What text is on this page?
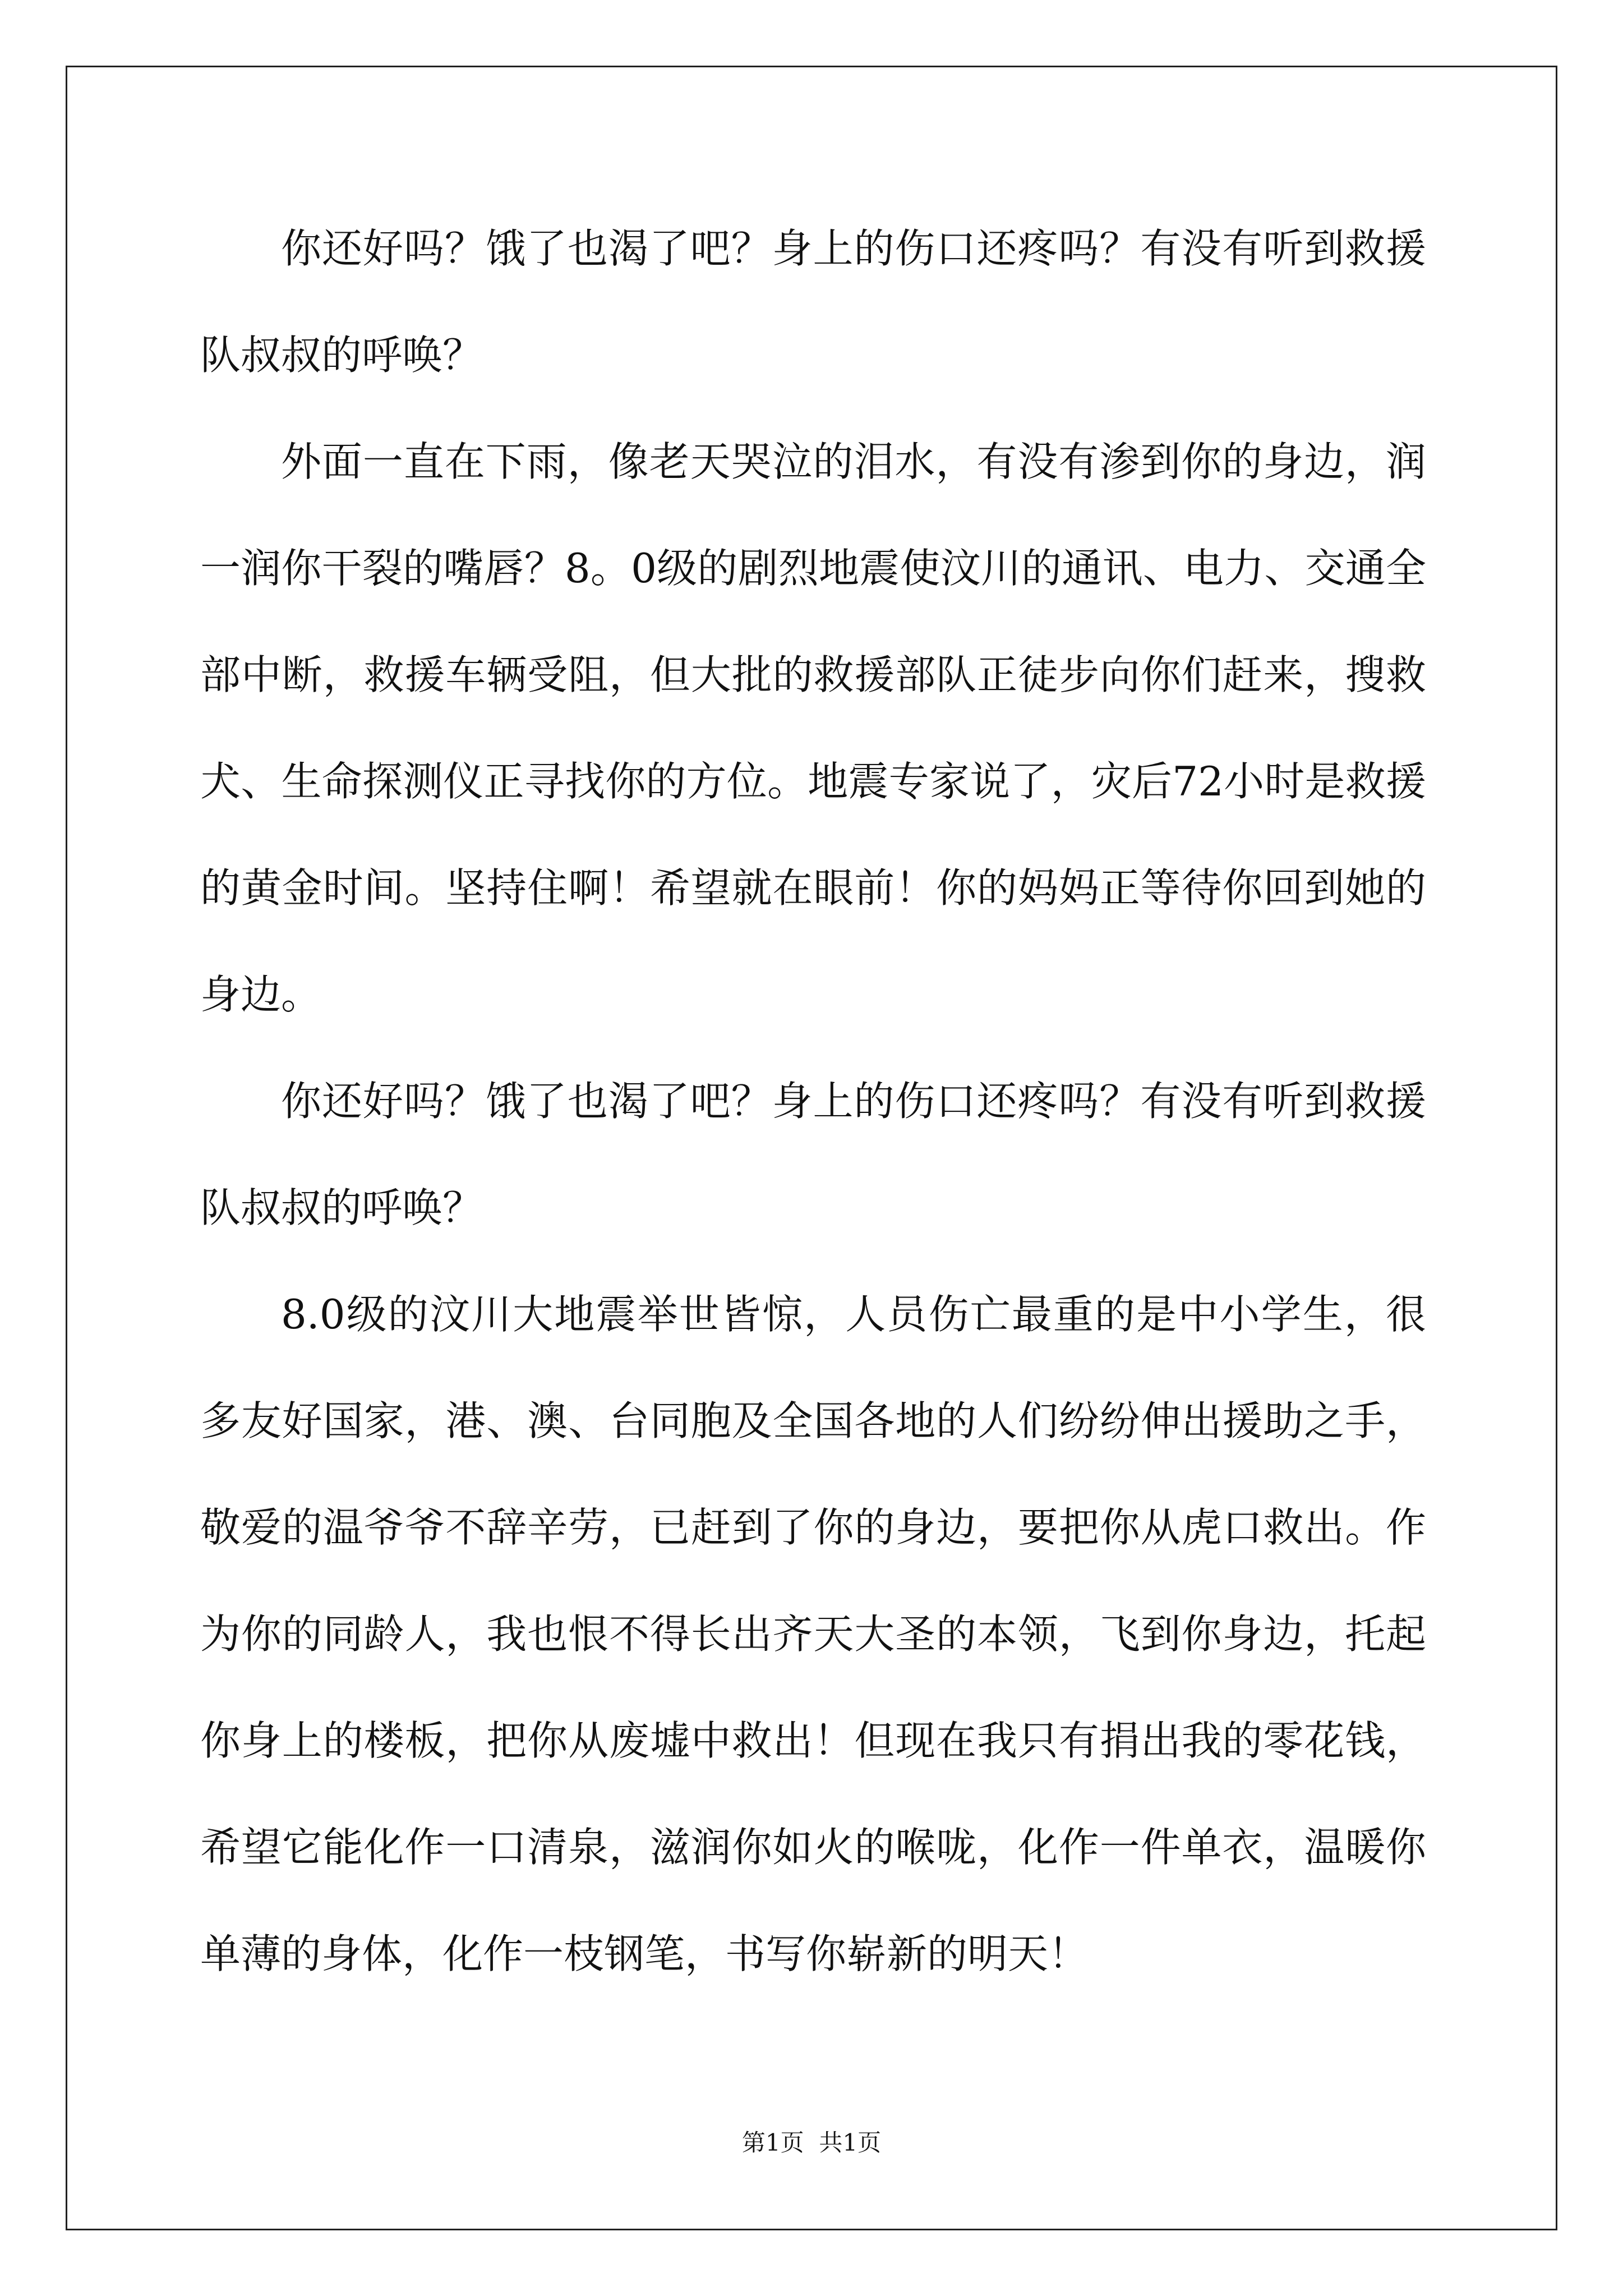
你还好吗？饿了也渴了吧？身上的伤口还疼吗？有没有听到救援
队叔叔的呼唤？
外面一直在下雨，像老天哭泣的泪水，有没有渗到你的身边，润
一润你干裂的嘴唇？8。0级的剧烈地震使汶川的通讯、电力、交通全
部中断，救援车辆受阻，但大批的救援部队正徒步向你们赶来，搜救
犬、生命探测仪正寻找你的方位。地震专家说了，灾后72小时是救援
的黄金时间。坚持住啊！希望就在眼前！你的妈妈正等待你回到她的
身边。
你还好吗？饿了也渴了吧？身上的伤口还疼吗？有没有听到救援
队叔叔的呼唤？
8.0级的汶川大地震举世皆惊，人员伤亡最重的是中小学生，很
多友好国家，港、澳、台同胞及全国各地的人们纷纷伸出援助之手，
敬爱的温爷爷不辞辛劳，已赶到了你的身边，要把你从虎口救出。作
为你的同龄人，我也恨不得长出齐天大圣的本领，飞到你身边，托起
你身上的楼板，把你从废墟中救出！但现在我只有捐出我的零花钱，
希望它能化作一口清泉，滋润你如火的喉咙，化作一件单衣，温暖你
单薄的身体，化作一枝钢笔，书写你崭新的明天！
第1页  共1页
